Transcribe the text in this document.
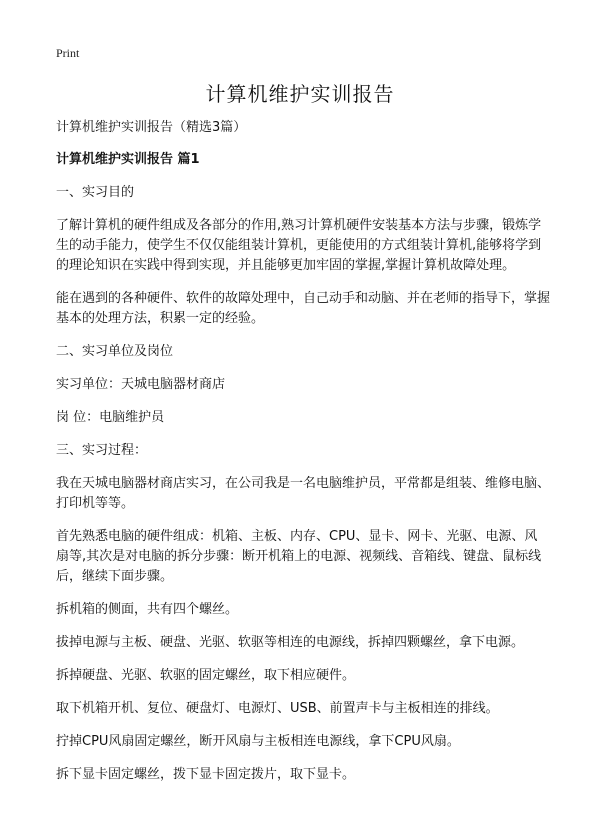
Print
计算机维护实训报告

计算机维护实训报告（精选3篇）

计算机维护实训报告 篇1

一、实习目的

了解计算机的硬件组成及各部分的作用,熟习计算机硬件安装基本方法与步骤，锻炼学生的动手能力，使学生不仅仅能组装计算机，更能使用的方式组装计算机,能够将学到的理论知识在实践中得到实现，并且能够更加牢固的掌握,掌握计算机故障处理。

能在遇到的各种硬件、软件的故障处理中，自己动手和动脑、并在老师的指导下，掌握基本的处理方法，积累一定的经验。

二、实习单位及岗位

实习单位：天城电脑器材商店

岗 位：电脑维护员

三、实习过程：

我在天城电脑器材商店实习，在公司我是一名电脑维护员，平常都是组装、维修电脑、打印机等等。

首先熟悉电脑的硬件组成：机箱、主板、内存、CPU、显卡、网卡、光驱、电源、风扇等,其次是对电脑的拆分步骤：断开机箱上的电源、视频线、音箱线、键盘、鼠标线后，继续下面步骤。

拆机箱的侧面，共有四个螺丝。

拔掉电源与主板、硬盘、光驱、软驱等相连的电源线，拆掉四颗螺丝，拿下电源。

拆掉硬盘、光驱、软驱的固定螺丝，取下相应硬件。

取下机箱开机、复位、硬盘灯、电源灯、USB、前置声卡与主板相连的排线。

拧掉CPU风扇固定螺丝，断开风扇与主板相连电源线，拿下CPU风扇。

拆下显卡固定螺丝，拨下显卡固定拨片，取下显卡。
